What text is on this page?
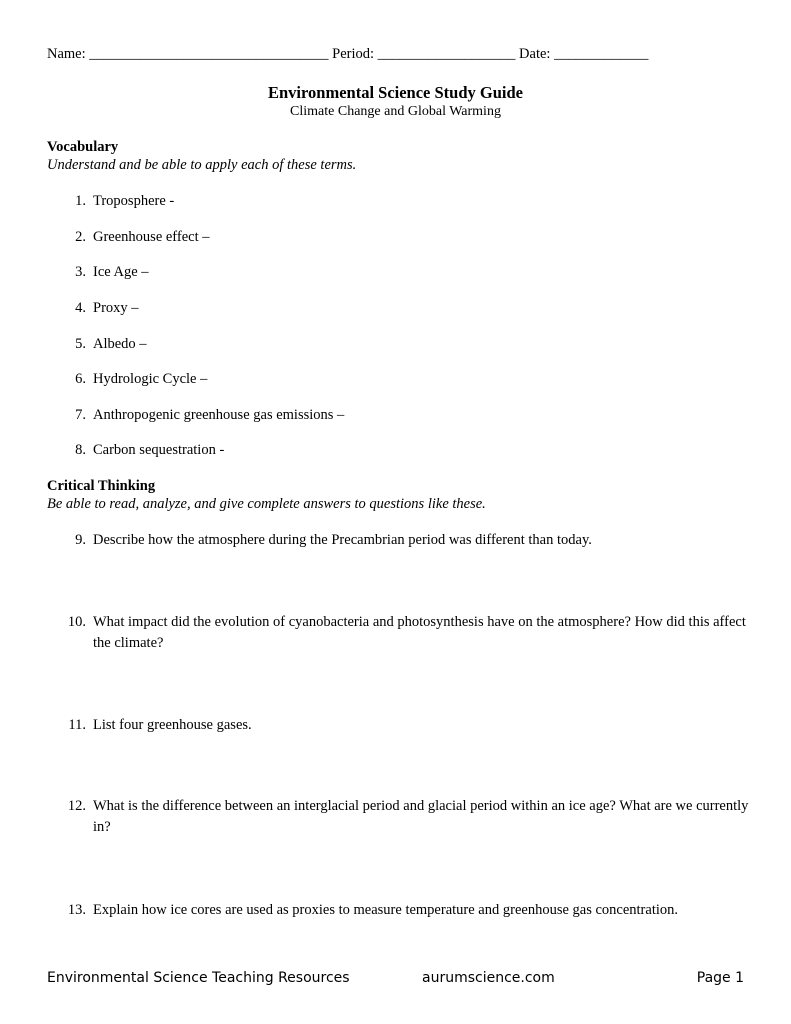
Name: _________________________________ Period: ___________________ Date: _____________
Environmental Science Study Guide
Climate Change and Global Warming
Vocabulary
Understand and be able to apply each of these terms.
1. Troposphere -
2. Greenhouse effect –
3. Ice Age –
4. Proxy –
5. Albedo –
6. Hydrologic Cycle –
7. Anthropogenic greenhouse gas emissions –
8. Carbon sequestration -
Critical Thinking
Be able to read, analyze, and give complete answers to questions like these.
9. Describe how the atmosphere during the Precambrian period was different than today.
10. What impact did the evolution of cyanobacteria and photosynthesis have on the atmosphere? How did this affect the climate?
11. List four greenhouse gases.
12. What is the difference between an interglacial period and glacial period within an ice age? What are we currently in?
13. Explain how ice cores are used as proxies to measure temperature and greenhouse gas concentration.
Environmental Science Teaching Resources	aurumscience.com	Page 1
